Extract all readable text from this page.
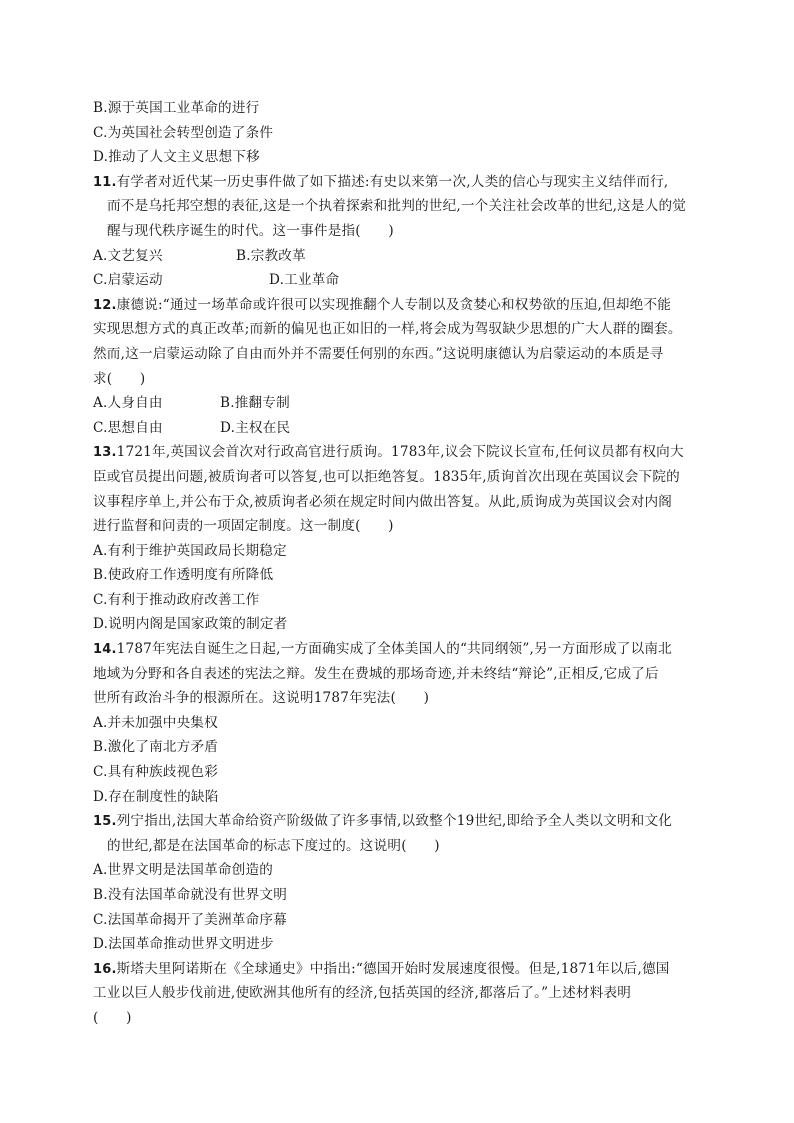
B.源于英国工业革命的进行
C.为英国社会转型创造了条件
D.推动了人文主义思想下移
11.有学者对近代某一历史事件做了如下描述:有史以来第一次,人类的信心与现实主义结伴而行,
而不是乌托邦空想的表征,这是一个执着探索和批判的世纪,一个关注社会改革的世纪,这是人的觉
醒与现代秩序诞生的时代。这一事件是指(　　)
A.文艺复兴	B.宗教改革
C.启蒙运动	D.工业革命
12.康德说:“通过一场革命或许很可以实现推翻个人专制以及贪婪心和权势欲的压迫,但却绝不能
实现思想方式的真正改革;而新的偏见也正如旧的一样,将会成为驾驭缺少思想的广大人群的圈套。
然而,这一启蒙运动除了自由而外并不需要任何别的东西。”这说明康德认为启蒙运动的本质是寻
求(　　)
A.人身自由	B.推翻专制
C.思想自由	D.主权在民
13.1721年,英国议会首次对行政高官进行质询。1783年,议会下院议长宣布,任何议员都有权向大
臣或官员提出问题,被质询者可以答复,也可以拒绝答复。1835年,质询首次出现在英国议会下院的
议事程序单上,并公布于众,被质询者必须在规定时间内做出答复。从此,质询成为英国议会对内阁
进行监督和问责的一项固定制度。这一制度(　　)
A.有利于维护英国政局长期稳定
B.使政府工作透明度有所降低
C.有利于推动政府改善工作
D.说明内阁是国家政策的制定者
14.1787年宪法自诞生之日起,一方面确实成了全体美国人的“共同纲领”,另一方面形成了以南北
地域为分野和各自表述的宪法之辩。发生在费城的那场奇迹,并未终结“辩论”,正相反,它成了后
世所有政治斗争的根源所在。这说明1787年宪法(　　)
A.并未加强中央集权
B.激化了南北方矛盾
C.具有种族歧视色彩
D.存在制度性的缺陷
15.列宁指出,法国大革命给资产阶级做了许多事情,以致整个19世纪,即给予全人类以文明和文化
的世纪,都是在法国革命的标志下度过的。这说明(　　)
A.世界文明是法国革命创造的
B.没有法国革命就没有世界文明
C.法国革命揭开了美洲革命序幕
D.法国革命推动世界文明进步
16.斯塔夫里阿诺斯在《全球通史》中指出:“德国开始时发展速度很慢。但是,1871年以后,德国
工业以巨人般步伐前进,使欧洲其他所有的经济,包括英国的经济,都落后了。”上述材料表明
(　　)
